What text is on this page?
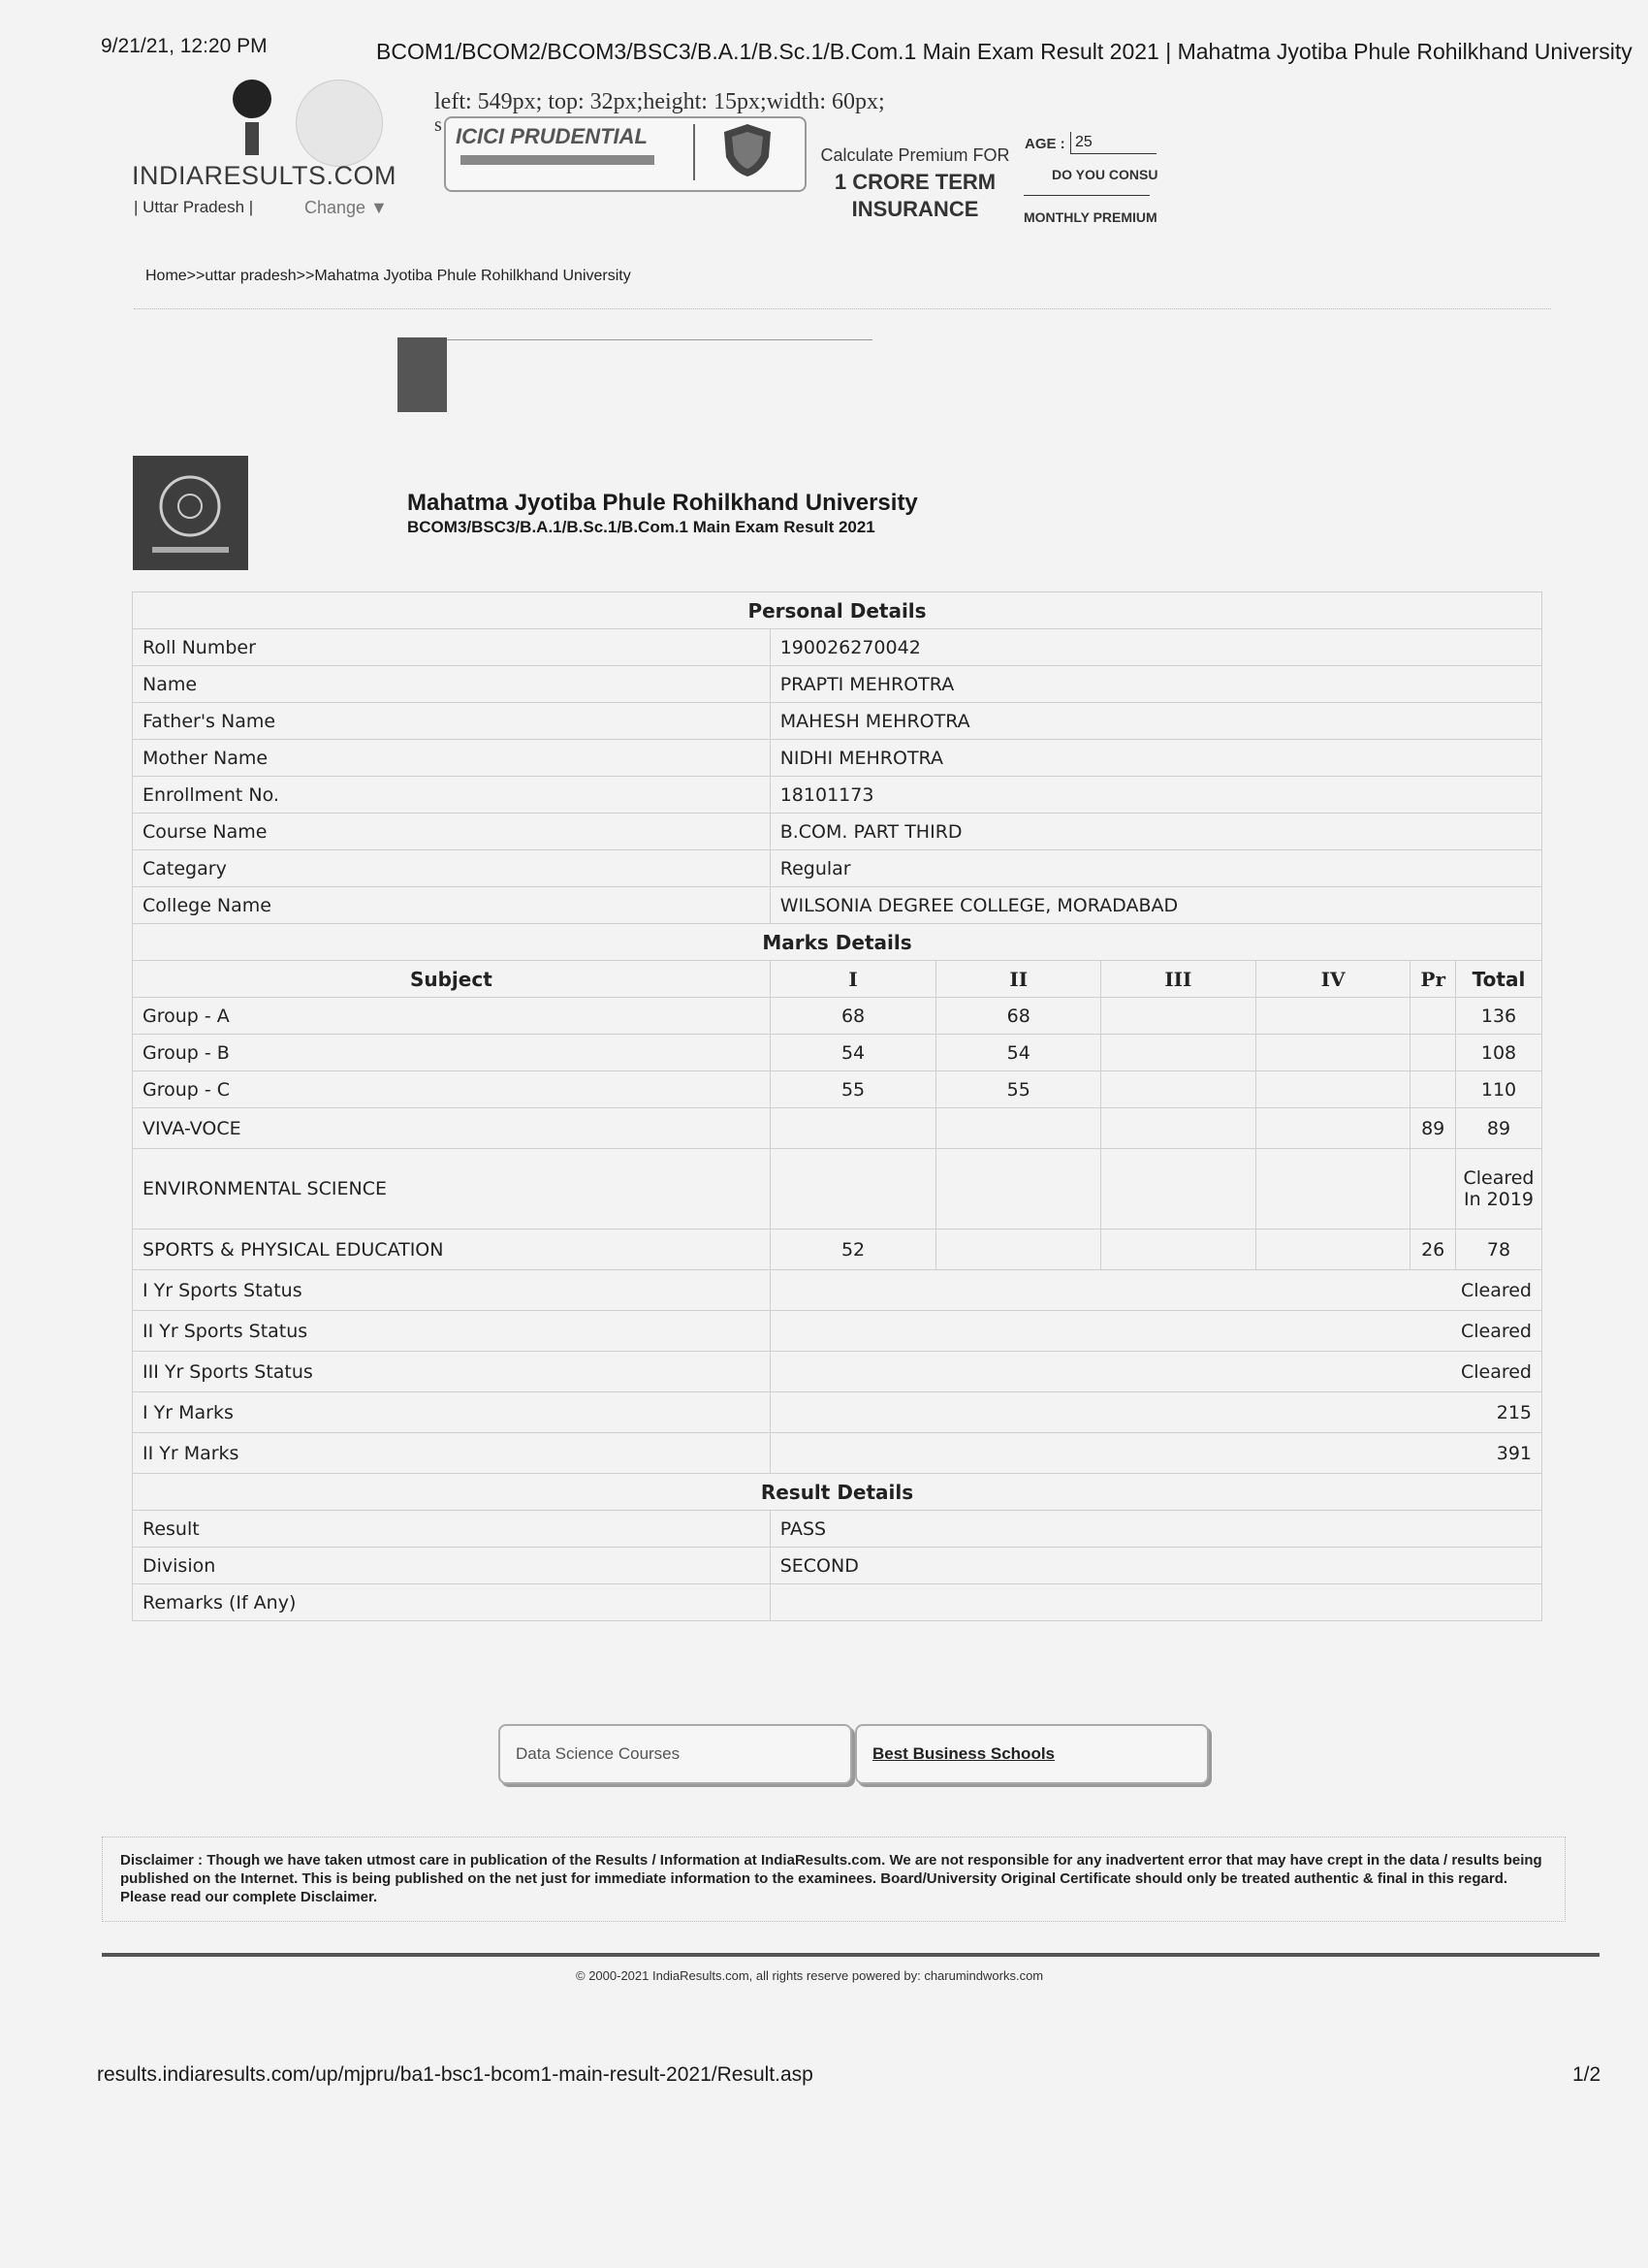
9/21/21, 12:20 PM	BCOM1/BCOM2/BCOM3/BSC3/B.A.1/B.Sc.1/B.Com.1 Main Exam Result 2021 | Mahatma Jyotiba Phule Rohilkhand University
INDIARESULTS.COM
| Uttar Pradesh |	Change ▼
left: 549px; top: 32px;height: 15px;width: 60px;
s ICICI PRUDENTIAL
Calculate Premium FOR
1 CRORE TERM
INSURANCE
AGE :
25
DO YOU CONSU
MONTHLY PREMIUM
Home>>uttar pradesh>>Mahatma Jyotiba Phule Rohilkhand University
Mahatma Jyotiba Phule Rohilkhand University
BCOM3/BSC3/B.A.1/B.Sc.1/B.Com.1 Main Exam Result 2021
Personal Details						
Roll Number	190026270042					
Name	PRAPTI MEHROTRA					
Father's Name	MAHESH MEHROTRA					
Mother Name	NIDHI MEHROTRA					
Enrollment No.	18101173					
Course Name	B.COM. PART THIRD					
Categary	Regular					
College Name	WILSONIA DEGREE COLLEGE, MORADABAD					
Marks Details						
Subject	I	II	III	IV	Pr	Total
Group - A	68	68				136
Group - B	54	54				108
Group - C	55	55				110
VIVA-VOCE					89	89
ENVIRONMENTAL SCIENCE						Cleared In 2019
SPORTS & PHYSICAL EDUCATION	52				26	78
I Yr Sports Status	Cleared					
II Yr Sports Status	Cleared					
III Yr Sports Status	Cleared					
I Yr Marks	215					
II Yr Marks	391					
Result Details						
Result	PASS					
Division	SECOND					
Remarks (If Any)						
Data Science Courses	Best Business Schools
Disclaimer : Though we have taken utmost care in publication of the Results / Information at IndiaResults.com. We are not responsible for any inadvertent error that may have crept in the data / results being published on the Internet. This is being published on the net just for immediate information to the examinees. Board/University Original Certificate should only be treated authentic & final in this regard. Please read our complete Disclaimer.
© 2000-2021 IndiaResults.com, all rights reserve powered by: charumindworks.com
results.indiaresults.com/up/mjpru/ba1-bsc1-bcom1-main-result-2021/Result.asp	1/2
